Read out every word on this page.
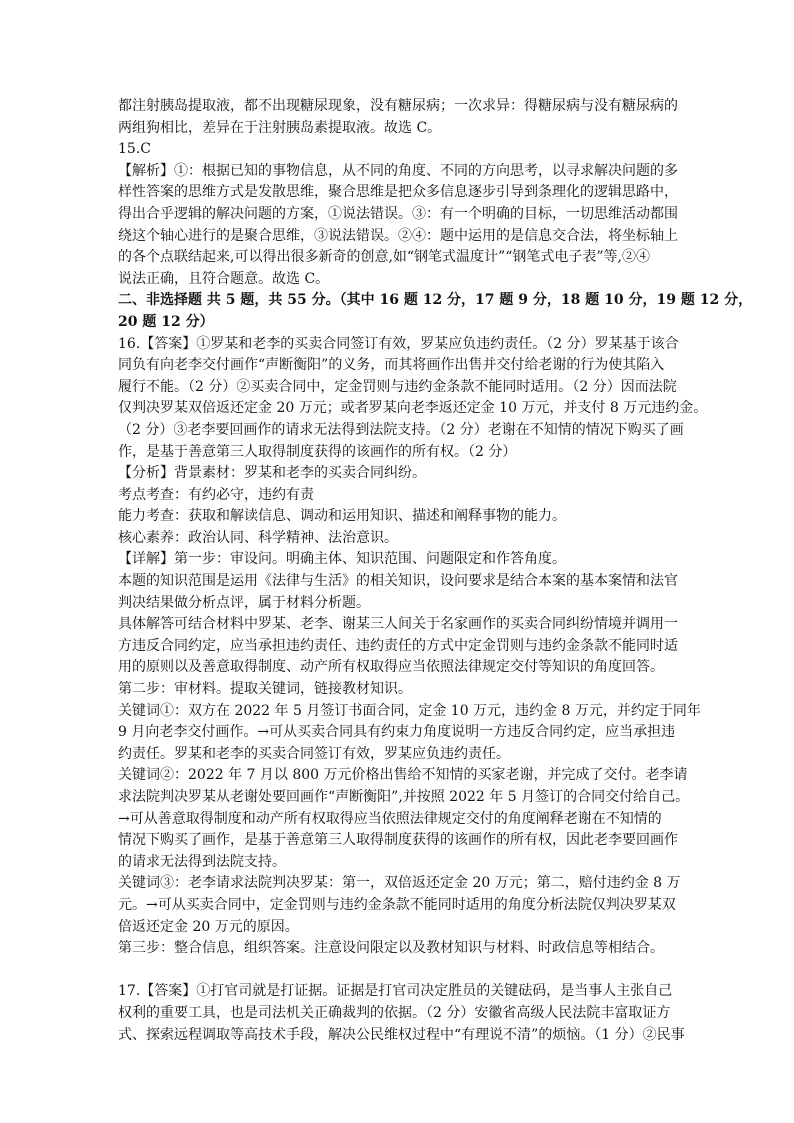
都注射胰岛提取液，都不出现糖尿现象，没有糖尿病；一次求异：得糖尿病与没有糖尿病的
两组狗相比，差异在于注射胰岛素提取液。故选 C。
15.C
【解析】①：根据已知的事物信息，从不同的角度、不同的方向思考，以寻求解决问题的多
样性答案的思维方式是发散思维，聚合思维是把众多信息逐步引导到条理化的逻辑思路中，
得出合乎逻辑的解决问题的方案，①说法错误。③：有一个明确的目标，一切思维活动都围
绕这个轴心进行的是聚合思维，③说法错误。②④：题中运用的是信息交合法，将坐标轴上
的各个点联结起来,可以得出很多新奇的创意,如“钢笔式温度计”“钢笔式电子表”等,②④
说法正确，且符合题意。故选 C。
二、非选择题 共 5 题，共 55 分。（其中 16 题 12 分，17 题 9 分，18 题 10 分，19 题 12 分，
20 题 12 分）
16.【答案】①罗某和老李的买卖合同签订有效，罗某应负违约责任。（2 分）罗某基于该合
同负有向老李交付画作“声断衡阳”的义务，而其将画作出售并交付给老谢的行为使其陷入
履行不能。（2 分）②买卖合同中，定金罚则与违约金条款不能同时适用。（2 分）因而法院
仅判决罗某双倍返还定金 20 万元；或者罗某向老李返还定金 10 万元，并支付 8 万元违约金。
（2 分）③老李要回画作的请求无法得到法院支持。（2 分）老谢在不知情的情况下购买了画
作，是基于善意第三人取得制度获得的该画作的所有权。（2 分）
【分析】背景素材：罗某和老李的买卖合同纠纷。
考点考查：有约必守，违约有责
能力考查：获取和解读信息、调动和运用知识、描述和阐释事物的能力。
核心素养：政治认同、科学精神、法治意识。
【详解】第一步：审设问。明确主体、知识范围、问题限定和作答角度。
本题的知识范围是运用《法律与生活》的相关知识，设问要求是结合本案的基本案情和法官
判决结果做分析点评，属于材料分析题。
具体解答可结合材料中罗某、老李、谢某三人间关于名家画作的买卖合同纠纷情境并调用一
方违反合同约定，应当承担违约责任、违约责任的方式中定金罚则与违约金条款不能同时适
用的原则以及善意取得制度、动产所有权取得应当依照法律规定交付等知识的角度回答。
第二步：审材料。提取关键词，链接教材知识。
关键词①：双方在 2022 年 5 月签订书面合同，定金 10 万元，违约金 8 万元，并约定于同年
9 月向老李交付画作。→可从买卖合同具有约束力角度说明一方违反合同约定，应当承担违
约责任。罗某和老李的买卖合同签订有效，罗某应负违约责任。
关键词②：2022 年 7 月以 800 万元价格出售给不知情的买家老谢，并完成了交付。老李请
求法院判决罗某从老谢处要回画作“声断衡阳”,并按照 2022 年 5 月签订的合同交付给自己。
→可从善意取得制度和动产所有权取得应当依照法律规定交付的角度阐释老谢在不知情的
情况下购买了画作，是基于善意第三人取得制度获得的该画作的所有权，因此老李要回画作
的请求无法得到法院支持。
关键词③：老李请求法院判决罗某：第一，双倍返还定金 20 万元；第二，赔付违约金 8 万
元。→可从买卖合同中，定金罚则与违约金条款不能同时适用的角度分析法院仅判决罗某双
倍返还定金 20 万元的原因。
第三步：整合信息，组织答案。注意设问限定以及教材知识与材料、时政信息等相结合。
17.【答案】①打官司就是打证据。证据是打官司决定胜员的关键砝码，是当事人主张自己
权利的重要工具，也是司法机关正确裁判的依据。（2 分）安徽省高级人民法院丰富取证方
式、探索远程调取等高技术手段，解决公民维权过程中“有理说不清”的烦恼。（1 分）②民事
